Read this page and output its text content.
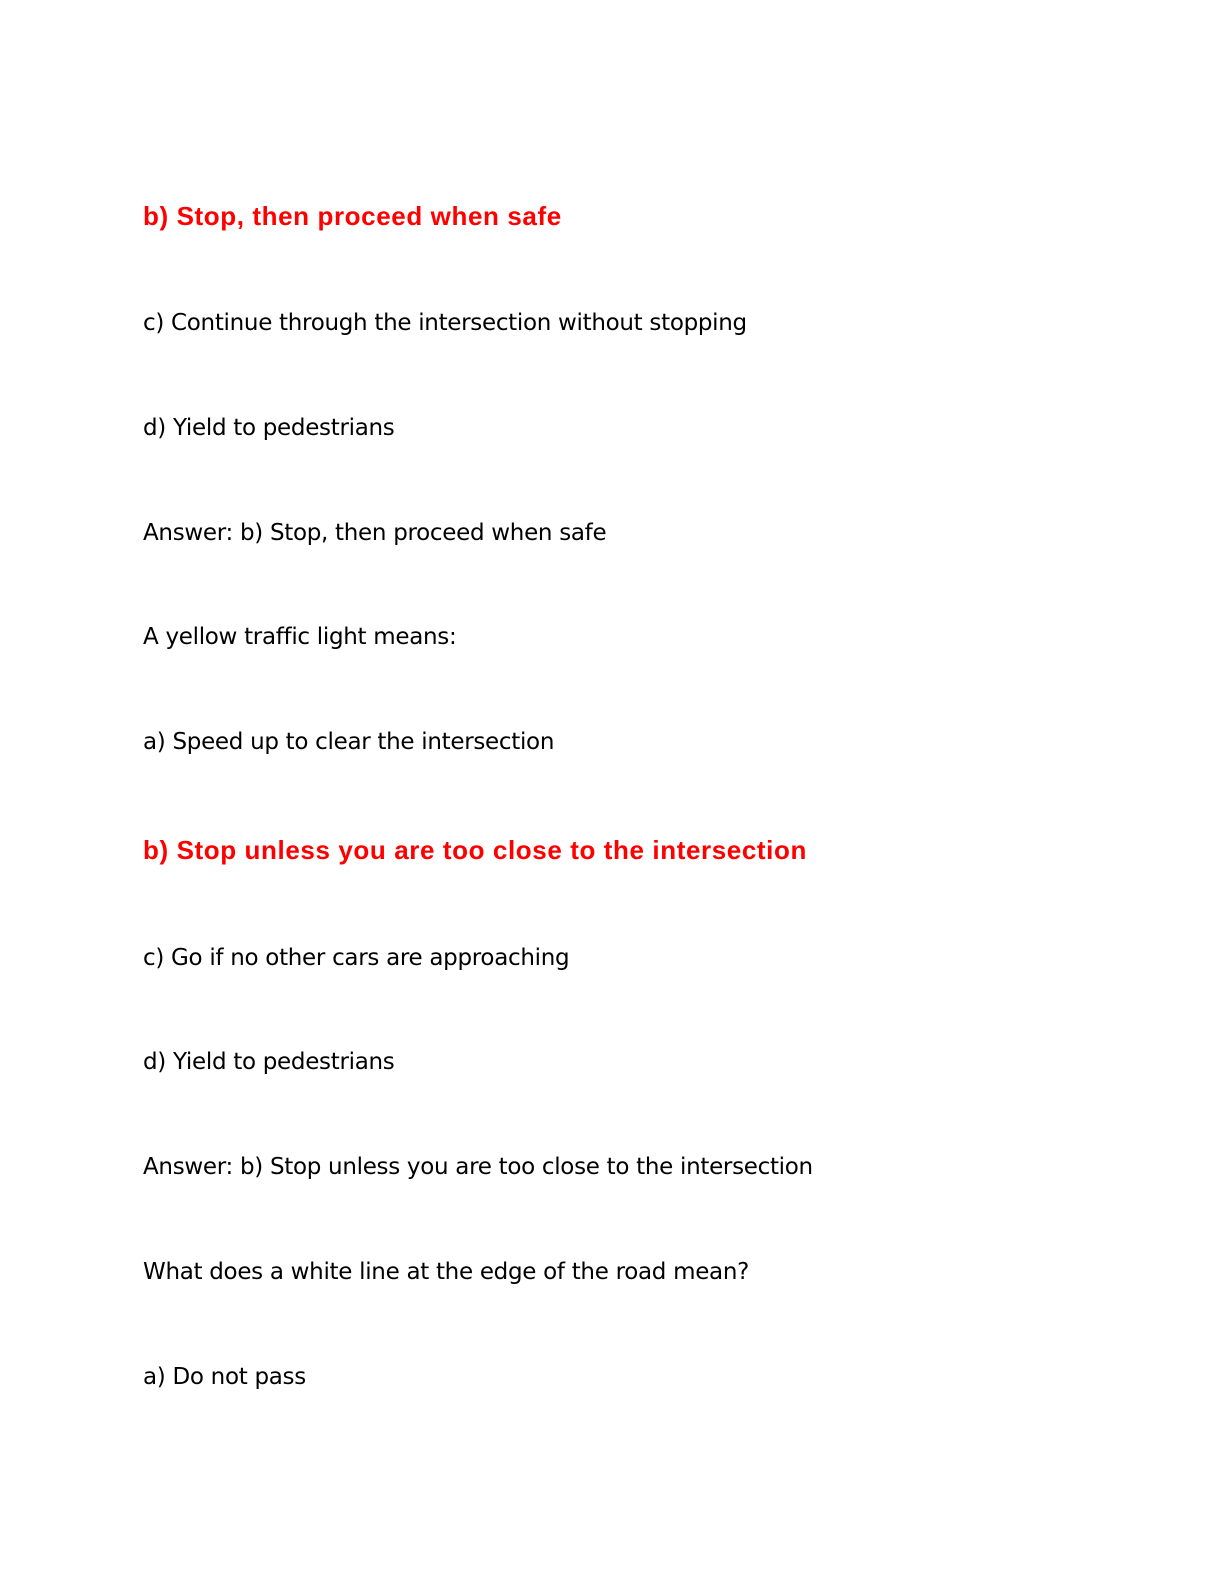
b) Stop, then proceed when safe
c) Continue through the intersection without stopping
d) Yield to pedestrians
Answer: b) Stop, then proceed when safe
A yellow traffic light means:
a) Speed up to clear the intersection
b) Stop unless you are too close to the intersection
c) Go if no other cars are approaching
d) Yield to pedestrians
Answer: b) Stop unless you are too close to the intersection
What does a white line at the edge of the road mean?
a) Do not pass
